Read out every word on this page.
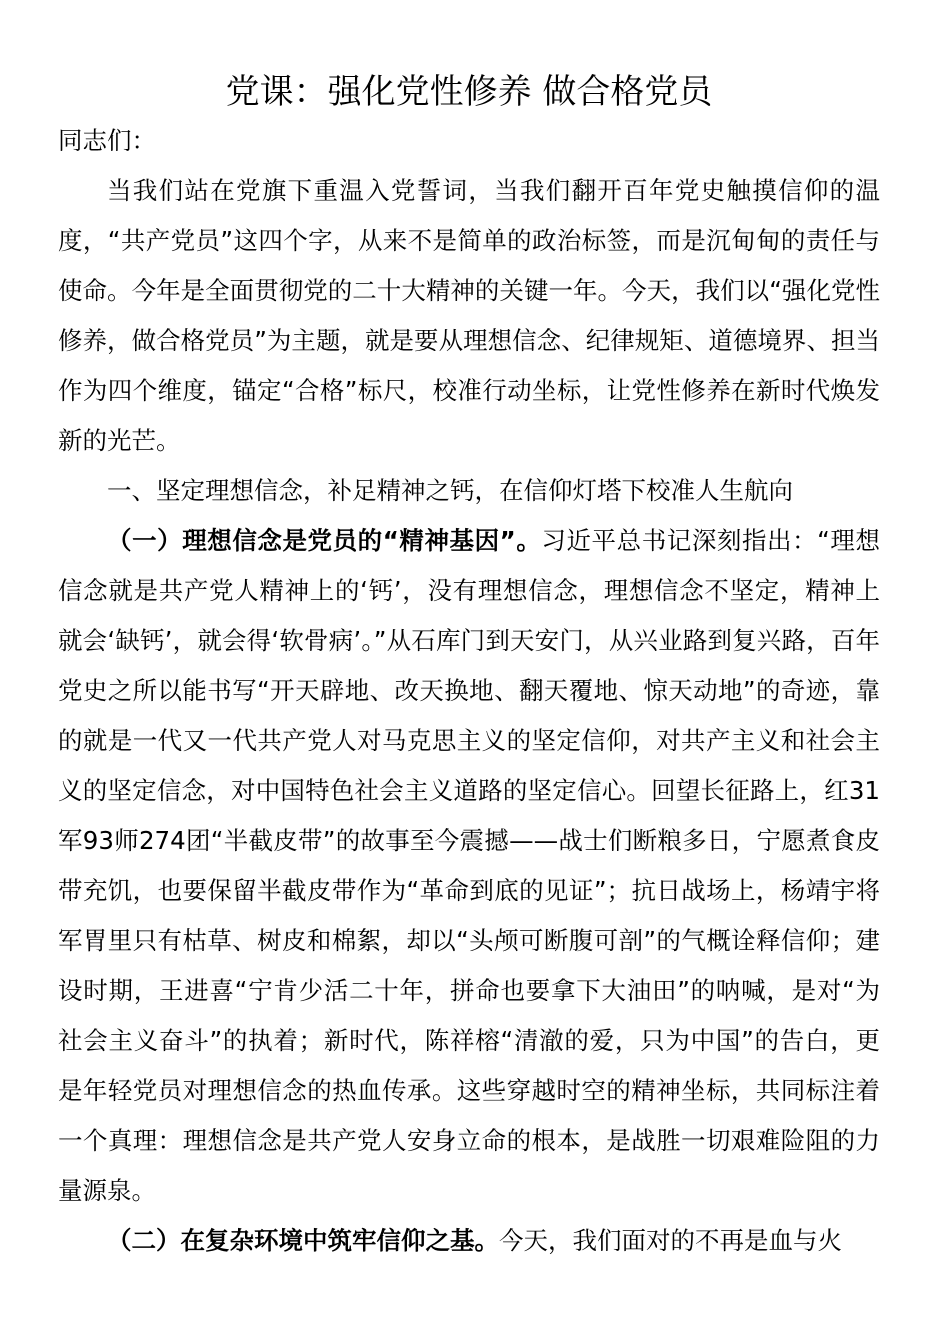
党课：强化党性修养 做合格党员

同志们：

当我们站在党旗下重温入党誓词，当我们翻开百年党史触摸信仰的温度，“共产党员”这四个字，从来不是简单的政治标签，而是沉甸甸的责任与使命。今年是全面贯彻党的二十大精神的关键一年。今天，我们以“强化党性修养，做合格党员”为主题，就是要从理想信念、纪律规矩、道德境界、担当作为四个维度，锚定“合格”标尺，校准行动坐标，让党性修养在新时代焕发新的光芒。

一、坚定理想信念，补足精神之钙，在信仰灯塔下校准人生航向

（一）理想信念是党员的“精神基因”。习近平总书记深刻指出：“理想信念就是共产党人精神上的‘钙’，没有理想信念，理想信念不坚定，精神上就会‘缺钙’，就会得‘软骨病’。”从石库门到天安门，从兴业路到复兴路，百年党史之所以能书写“开天辟地、改天换地、翻天覆地、惊天动地”的奇迹，靠的就是一代又一代共产党人对马克思主义的坚定信仰，对共产主义和社会主义的坚定信念，对中国特色社会主义道路的坚定信心。回望长征路上，红31军93师274团“半截皮带”的故事至今震撼——战士们断粮多日，宁愿煮食皮带充饥，也要保留半截皮带作为“革命到底的见证”；抗日战场上，杨靖宇将军胃里只有枯草、树皮和棉絮，却以“头颅可断腹可剖”的气概诠释信仰；建设时期，王进喜“宁肯少活二十年，拼命也要拿下大油田”的呐喊，是对“为社会主义奋斗”的执着；新时代，陈祥榕“清澈的爱，只为中国”的告白，更是年轻党员对理想信念的热血传承。这些穿越时空的精神坐标，共同标注着一个真理：理想信念是共产党人安身立命的根本，是战胜一切艰难险阻的力量源泉。

（二）在复杂环境中筑牢信仰之基。今天，我们面对的不再是血与火
